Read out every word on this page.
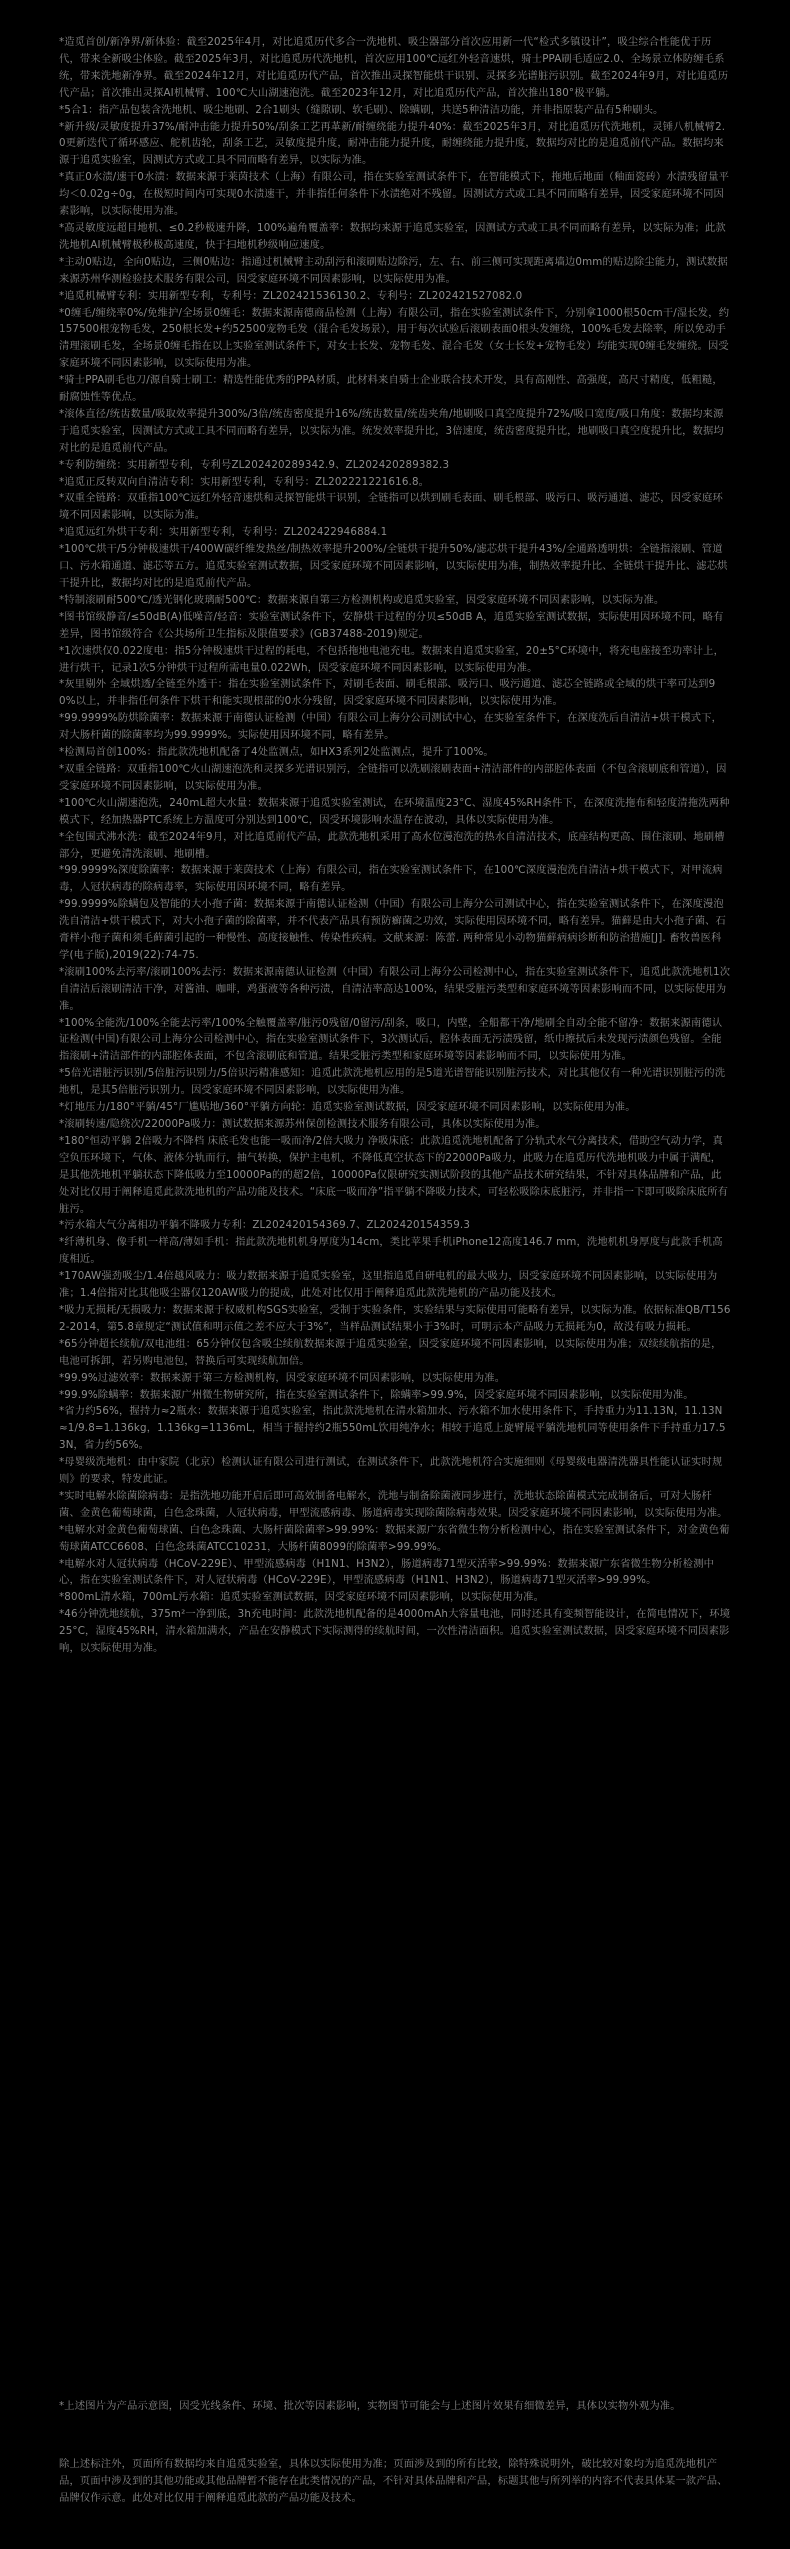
*造觅首创/新净界/新体验：截至2025年4月，对比追觅历代多合一洗地机、吸尘器部分首次应用新一代“检式多镇设计”，吸尘综合性能优于历代，带来全新吸尘体验。截至2025年3月，对比追觅历代洗地机，首次应用100℃远红外轻音速烘，骑士PPA刷毛适应2.0、全场景立体防缠毛系统，带来洗地新净界。截至2024年12月，对比追觅历代产品，首次推出灵探智能烘干识别、灵探多光谱脏污识别。截至2024年9月，对比追觅历代产品；首次推出灵探AI机械臂、100℃大山湖速泡洗。截至2023年12月，对比追觅历代产品，首次推出180°极平躺。

*5合1：指产品包装含洗地机、吸尘地刷、2合1刷头（缝隙刷、软毛刷）、除螨刷，共送5种清洁功能，并非指原装产品有5种刷头。

*新升级/灵敏度提升37%/耐冲击能力提升50%/刮条工艺再革新/耐缠绕能力提升40%：截至2025年3月，对比追觅历代洗地机，灵锤八机械臂2.0更新迭代了循环感应、舵机齿轮，刮条工艺，灵敏度提升度，耐冲击能力提升度，耐缠绕能力提升度，数据均对比的是追觅前代产品。数据均来源于追觅实验室，因测试方式或工具不同而略有差异，以实际为准。

*真正0水渍/速干0水渍：数据来源于莱茵技术（上海）有限公司，指在实验室测试条件下，在智能模式下，拖地后地面（釉面瓷砖）水渍残留量平均＜0.02g÷0g，在极短时间内可实现0水渍速干，并非指任何条件下水渍绝对不残留。因测试方式或工具不同而略有差异，因受家庭环境不同因素影响，以实际使用为准。

*高灵敏度远超目地机、≤0.2秒极速升降，100%遍角覆盖率：数据均来源于追觅实验室，因测试方式或工具不同而略有差异，以实际为准；此款洗地机AI机械臂极秒极高速度，快于扫地机秒级响应速度。

*主动0贴边，全向0贴边，三侧0贴边：指通过机械臂主动刮污和滚刷贴边除污，左、右、前三侧可实现距离墙边0mm的贴边除尘能力，测试数据来源苏州华测检验技术服务有限公司，因受家庭环境不同因素影响，以实际使用为准。

*追觅机械臂专利：实用新型专利，专利号：ZL202421536130.2、专利号：ZL202421527082.0

*0缠毛/缠绕率0%/免维护/全场景0缠毛：数据来源南德商品检测（上海）有限公司，指在实验室测试条件下，分别拿1000根50cm干/湿长发，约157500根宠物毛发，250根长发+约52500宠物毛发（混合毛发场景），用于每次试验后滚刷表面0根头发缠绕，100%毛发去除率，所以免动手清理滚刷毛发，全场景0缠毛指在以上实验室测试条件下，对女士长发、宠物毛发、混合毛发（女士长发+宠物毛发）均能实现0缠毛发缠绕。因受家庭环境不同因素影响，以实际使用为准。

*骑士PPA刷毛也刀/源自骑士刷工：精选性能优秀的PPA材质，此材料来自骑士企业联合技术开发，具有高刚性、高强度，高尺寸精度，低粗糙，耐腐蚀性等优点。

*滚体直径/统齿数量/吸取效率提升300%/3倍/统齿密度提升16%/统齿数量/统齿夹角/地刷吸口真空度提升72%/吸口宽度/吸口角度：数据均来源于追觅实验室，因测试方式或工具不同而略有差异，以实际为准。统发效率提升比，3倍速度，统齿密度提升比，地刷吸口真空度提升比，数据均对比的是追觅前代产品。

*专利防缠绕：实用新型专利，专利号ZL202420289342.9、ZL202420289382.3

*追觅正反转双向自清洁专利：实用新型专利，专利号：ZL202221221616.8。

*双重全链路：双重指100℃远红外轻音速烘和灵探智能烘干识别，全链指可以烘到刷毛表面、刷毛根部、吸污口、吸污通道、滤芯，因受家庭环境不同因素影响，以实际为准。

*追觅远红外烘干专利：实用新型专利，专利号：ZL202422946884.1

*100℃烘干/5分钟极速烘干/400W碳纤维发热丝/制热效率提升200%/全链烘干提升50%/滤芯烘干提升43%/全通路透明烘：全链指滚刷、管道口、污水箱通道、滤芯等五方。追觅实验室测试数据，因受家庭环境不同因素影响，以实际使用为准，制热效率提升比、全链烘干提升比、滤芯烘干提升比，数据均对比的是追觅前代产品。

*特制滚刷耐500℃/透光钢化玻璃耐500℃：数据来源自第三方检测机构或追觅实验室，因受家庭环境不同因素影响，以实际为准。

*图书馆级静音/≤50dB(A)低噪音/轻音：实验室测试条件下，安静烘干过程的分贝≤50dB A，追觅实验室测试数据，实际使用因环境不同，略有差异，图书馆级符合《公共场所卫生指标及限值要求》(GB37488-2019)规定。

*1次速烘仅0.022度电：指5分钟极速烘干过程的耗电，不包括拖地电池充电。数据来自追觅实验室，20±5°C环境中，将充电座接至功率计上，进行烘干，记录1次5分钟烘干过程所需电量0.022Wh，因受家庭环境不同因素影响，以实际使用为准。

*灰里剔外 全域烘透/全链至外透干：指在实验室测试条件下，对刷毛表面、刷毛根部、吸污口、吸污通道、滤芯全链路或全域的烘干率可达到90%以上，并非指任何条件下烘干和能实现根部的0水分残留，因受家庭环境不同因素影响，以实际使用为准。

*99.9999%防烘除菌率：数据来源于南德认证检测（中国）有限公司上海分公司测试中心，在实验室条件下，在深度洗后自清洁+烘干模式下，对大肠杆菌的除菌率均为99.9999%。实际使用因环境不同，略有差异。

*检测局首创100%：指此款洗地机配备了4处监测点，如HX3系列2处监测点，提升了100%。

*双重全链路：双重指100℃火山湖速泡洗和灵探多光谱识别污，全链指可以洗刷滚刷表面+清洁部件的内部腔体表面（不包含滚刷底和管道），因受家庭环境不同因素影响，以实际使用为准。

*100℃火山湖速泡洗，240mL超大水量：数据来源于追觅实验室测试，在环境温度23°C、湿度45%RH条件下，在深度洗拖布和轻度清拖洗两种模式下，经加热器PTC系统上方温度可分别达到100℃，因受环境影响水温存在波动，具体以实际使用为准。

*全包围式沸水洗：截至2024年9月，对比追觅前代产品，此款洗地机采用了高水位漫泡洗的热水自清洁技术，底座结构更高、围住滚刷、地刷槽部分，更避免清洗滚刷、地刷槽。

*99.9999%深度除菌率：数据来源于莱茵技术（上海）有限公司，指在实验室测试条件下，在100℃深度漫泡洗自清洁+烘干模式下，对甲流病毒，人冠状病毒的除病毒率，实际使用因环境不同，略有差异。

*99.9999%除螨包及智能的大小孢子菌：数据来源于南德认证检测（中国）有限公司上海分公司测试中心，指在实验室测试条件下，在深度漫泡洗自清洁+烘干模式下，对大小孢子菌的除菌率，并不代表产品具有预防癣菌之功效，实际使用因环境不同，略有差异。猫藓是由大小孢子菌、石膏样小孢子菌和须毛藓菌引起的一种慢性、高度接触性、传染性疾病。文献来源：陈蕾. 两种常见小动物猫藓病病诊断和防治措施[J]. 畜牧兽医科学(电子版),2019(22):74-75.

*滚刷100%去污率/滚刷100%去污：数据来源南德认证检测（中国）有限公司上海分公司检测中心，指在实验室测试条件下，追觅此款洗地机1次自清洁后滚刷清洁干净，对酱油、咖啡，鸡蛋液等各种污渍，自清洁率高达100%，结果受脏污类型和家庭环境等因素影响而不同，以实际使用为准。

*100%全能洗/100%全能去污率/100%全触覆盖率/脏污0残留/0留污/刮条，吸口，内壁，全船都干净/地刷全自动全能不留净：数据来源南德认证检测(中国)有限公司上海分公司检测中心，指在实验室测试条件下，3次测试后，腔体表面无污渍残留，纸巾擦拭后未发现污渍颜色残留。全能指滚刷+清洁部件的内部腔体表面，不包含滚刷底和管道。结果受脏污类型和家庭环境等因素影响而不同，以实际使用为准。

*5倍光谱脏污识别/5倍脏污识别力/5倍识污精准感知：追觅此款洗地机应用的是5道光谱智能识别脏污技术，对比其他仅有一种光谱识别脏污的洗地机，是其5倍脏污识别力。因受家庭环境不同因素影响，以实际使用为准。

*灯地压力/180°平躺/45°厂尴贴地/360°平躺方向轮：追觅实验室测试数据，因受家庭环境不同因素影响，以实际使用为准。

*滚刷转速/隐绕次/22000Pa吸力：测试数据来源苏州保创检测技术服务有限公司，具体以实际使用为准。

*180°恒动平躺 2倍吸力不降档 床底毛发也能一吸而净/2倍大吸力 净吸床底：此款追觅洗地机配备了分轨式水气分离技术，借助空气动力学，真空负压环境下，气体、液体分轨而行，抽气转换，保护主电机，不降低真空状态下的22000Pa吸力，此吸力在追觅历代洗地机吸力中属于满配，是其他洗地机平躺状态下降低吸力至10000Pa的的超2倍，10000Pa仅限研究实测试阶段的其他产品技术研究结果，不针对具体品牌和产品，此处对比仅用于阐释追觅此款洗地机的产品功能及技术。“床底一吸而净”指平躺不降吸力技术，可轻松吸除床底脏污，并非指一下即可吸除床底所有脏污。

*污水箱大气分离相功平躺不降吸力专利：ZL202420154369.7、ZL202420154359.3

*纤薄机身、像手机一样高/薄如手机：指此款洗地机机身厚度为14cm，类比苹果手机iPhone12高度146.7 mm，洗地机机身厚度与此款手机高度相近。

*170AW强劲吸尘/1.4倍越风吸力：吸力数据来源于追觅实验室，这里指追觅自研电机的最大吸力，因受家庭环境不同因素影响，以实际使用为准；1.4倍指对比其他吸尘器仅120AW吸力的提成，此处对比仅用于阐释追觅此款洗地机的产品功能及技术。

*吸力无损耗/无损吸力：数据来源于权威机构SGS实验室，受制于实验条件，实验结果与实际使用可能略有差异，以实际为准。依据标准QB/T1562-2014，第5.8章规定“测试值和明示值之差不应大于3%”，当样品测试结果小于3%时，可明示本产品吸力无损耗为0，故没有吸力损耗。

*65分钟超长续航/双电池组：65分钟仅包含吸尘续航数据来源于追觅实验室，因受家庭环境不同因素影响，以实际使用为准；双续续航指的是，电池可拆卸，若另购电池包，替换后可实现续航加倍。

*99.9%过滤效率：数据来源于第三方检测机构，因受家庭环境不同因素影响，以实际使用为准。

*99.9%除螨率：数据来源广州微生物研究所，指在实验室测试条件下，除螨率>99.9%，因受家庭环境不同因素影响，以实际使用为准。

*省力约56%，握持力≈2瓶水：数据来源于追觅实验室，指此款洗地机在清水箱加水、污水箱不加水使用条件下，手持重力为11.13N，11.13N≈1/9.8=1.136kg，1.136kg=1136mL，相当于握持约2瓶550mL饮用纯净水；相较于追觅上旋臂展平躺洗地机同等使用条件下手持重力17.53N，省力约56%。

*母婴级洗地机：由中家院（北京）检测认证有限公司进行测试，在测试条件下，此款洗地机符合实施细则《母婴级电器清洗器具性能认证实时规则》的要求，特发此证。

*实时电解水除菌除病毒：是指洗地功能开启后即可高效制备电解水，洗地与制备除菌液同步进行，洗地状态除菌模式完成制备后，可对大肠杆菌、金黄色葡萄球菌，白色念珠菌，人冠状病毒，甲型流感病毒、肠道病毒实现除菌除病毒效果。因受家庭环境不同因素影响，以实际使用为准。

*电解水对金黄色葡萄球菌、白色念珠菌、大肠杆菌除菌率>99.99%：数据来源广东省微生物分析检测中心，指在实验室测试条件下，对金黄色葡萄球菌ATCC6608、白色念珠菌ATCC10231，大肠杆菌8099的除菌率>99.99%。

*电解水对人冠状病毒（HCoV-229E）、甲型流感病毒（H1N1、H3N2），肠道病毒71型灭活率>99.99%：数据来源广东省微生物分析检测中心，指在实验室测试条件下，对人冠状病毒（HCoV-229E），甲型流感病毒（H1N1、H3N2），肠道病毒71型灭活率>99.99%。

*800mL清水箱，700mL污水箱：追觅实验室测试数据，因受家庭环境不同因素影响，以实际使用为准。

*46分钟洗地续航，375m²一净到底，3h充电时间：此款洗地机配备的是4000mAh大容量电池，同时还具有变频智能设计，在简电情况下，环境25°C，湿度45%RH，清水箱加满水，产品在安静模式下实际测得的续航时间，一次性清洁面积。追觅实验室测试数据，因受家庭环境不同因素影响，以实际使用为准。

*上述图片为产品示意图，因受光线条件、环境、批次等因素影响，实物图节可能会与上述图片效果有细微差异，具体以实物外观为准。

除上述标注外，页面所有数据均来自追觅实验室，具体以实际使用为准；页面涉及到的所有比较，除特殊说明外，破比较对象均为追觅洗地机产品，页面中涉及到的其他功能或其他品牌暂不能存在此类情况的产品，不针对具体品牌和产品，标题其他与所列举的内容不代表具体某一款产品、品牌仅作示意。此处对比仅用于阐释追觅此款的产品功能及技术。
